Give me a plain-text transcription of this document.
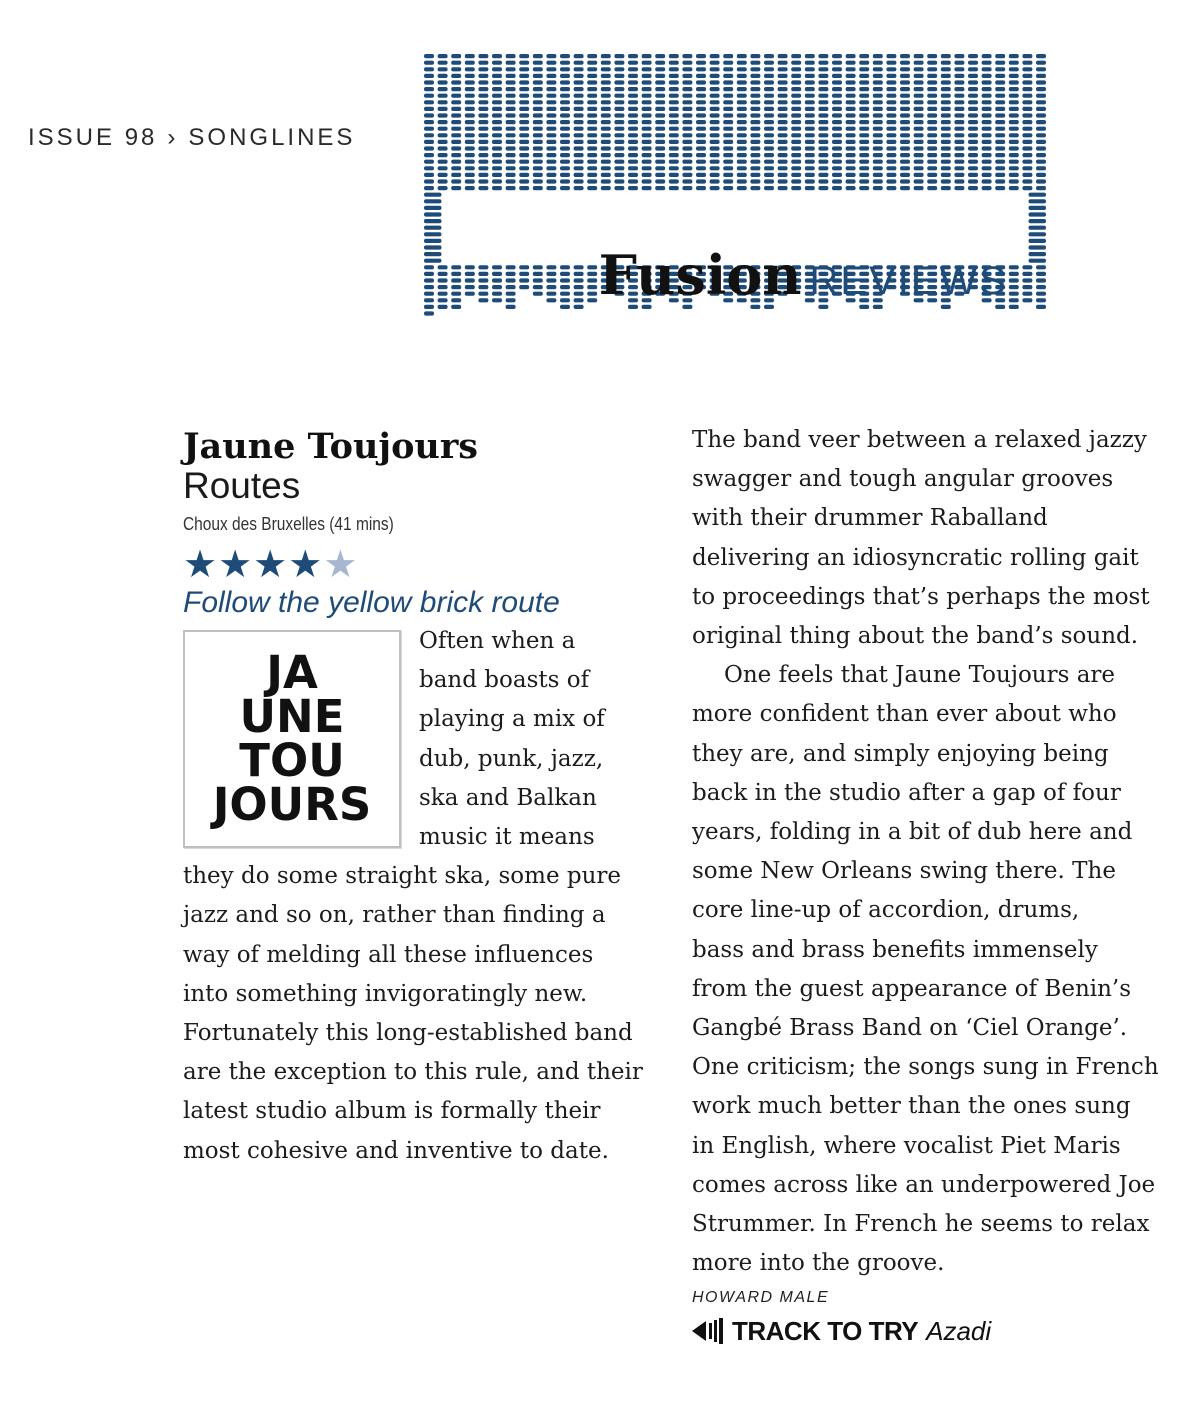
ISSUE 98 › SONGLINES
Fusion REVIEWS
Jaune Toujours
Routes
Choux des Bruxelles (41 mins)
★★★★★
Follow the yellow brick route
JA
UNE
TOU
JOURS

Often when a

band boasts of

playing a mix of

dub, punk, jazz,

ska and Balkan

music it means

they do some straight ska, some pure

jazz and so on, rather than finding a

way of melding all these influences

into something invigoratingly new.

Fortunately this long-established band

are the exception to this rule, and their

latest studio album is formally their

most cohesive and inventive to date.

The band veer between a relaxed jazzy

swagger and tough angular grooves

with their drummer Raballand

delivering an idiosyncratic rolling gait

to proceedings that’s perhaps the most

original thing about the band’s sound.

One feels that Jaune Toujours are

more confident than ever about who

they are, and simply enjoying being

back in the studio after a gap of four

years, folding in a bit of dub here and

some New Orleans swing there. The

core line-up of accordion, drums,

bass and brass benefits immensely

from the guest appearance of Benin’s

Gangbé Brass Band on ‘Ciel Orange’.

One criticism; the songs sung in French

work much better than the ones sung

in English, where vocalist Piet Maris

comes across like an underpowered Joe

Strummer. In French he seems to relax

more into the groove.

HOWARD MALE
TRACK TO TRY Azadi
